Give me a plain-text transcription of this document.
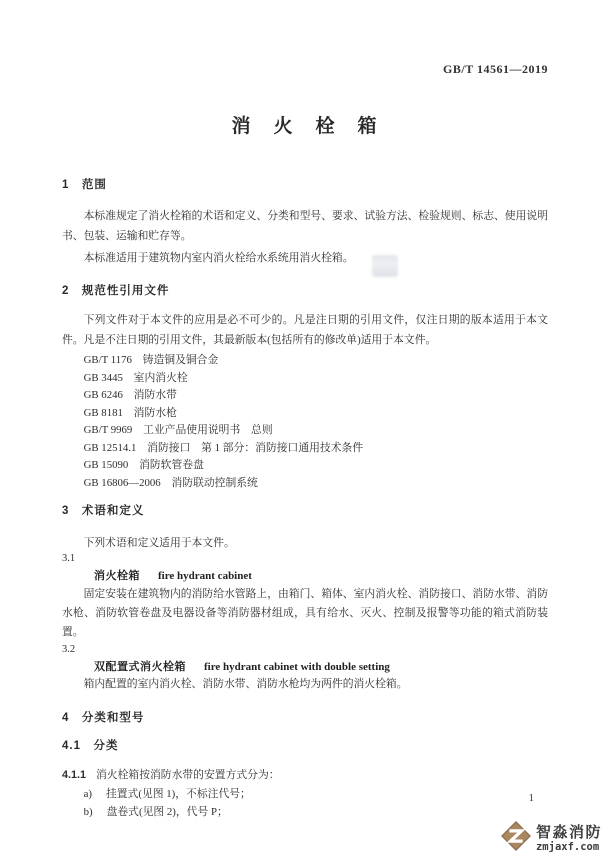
GB/T 14561—2019
消　火　栓　箱
1　范围
本标准规定了消火栓箱的术语和定义、分类和型号、要求、试验方法、检验规则、标志、使用说明书、包装、运输和贮存等。
本标准适用于建筑物内室内消火栓给水系统用消火栓箱。
2　规范性引用文件
下列文件对于本文件的应用是必不可少的。凡是注日期的引用文件，仅注日期的版本适用于本文件。凡是不注日期的引用文件，其最新版本(包括所有的修改单)适用于本文件。
GB/T 1176　铸造铜及铜合金
GB 3445　室内消火栓
GB 6246　消防水带
GB 8181　消防水枪
GB/T 9969　工业产品使用说明书　总则
GB 12514.1　消防接口　第 1 部分：消防接口通用技术条件
GB 15090　消防软管卷盘
GB 16806—2006　消防联动控制系统
3　术语和定义
下列术语和定义适用于本文件。
3.1
消火栓箱 fire hydrant cabinet
固定安装在建筑物内的消防给水管路上，由箱门、箱体、室内消火栓、消防接口、消防水带、消防水枪、消防软管卷盘及电器设备等消防器材组成，具有给水、灭火、控制及报警等功能的箱式消防装置。
3.2
双配置式消火栓箱 fire hydrant cabinet with double setting
箱内配置的室内消火栓、消防水带、消防水枪均为两件的消火栓箱。
4　分类和型号
4.1　分类
4.1.1 消火栓箱按消防水带的安置方式分为：
a) 挂置式(见图 1)，不标注代号；
b) 盘卷式(见图 2)，代号 P；
1
智淼消防
zmjaxf.com
